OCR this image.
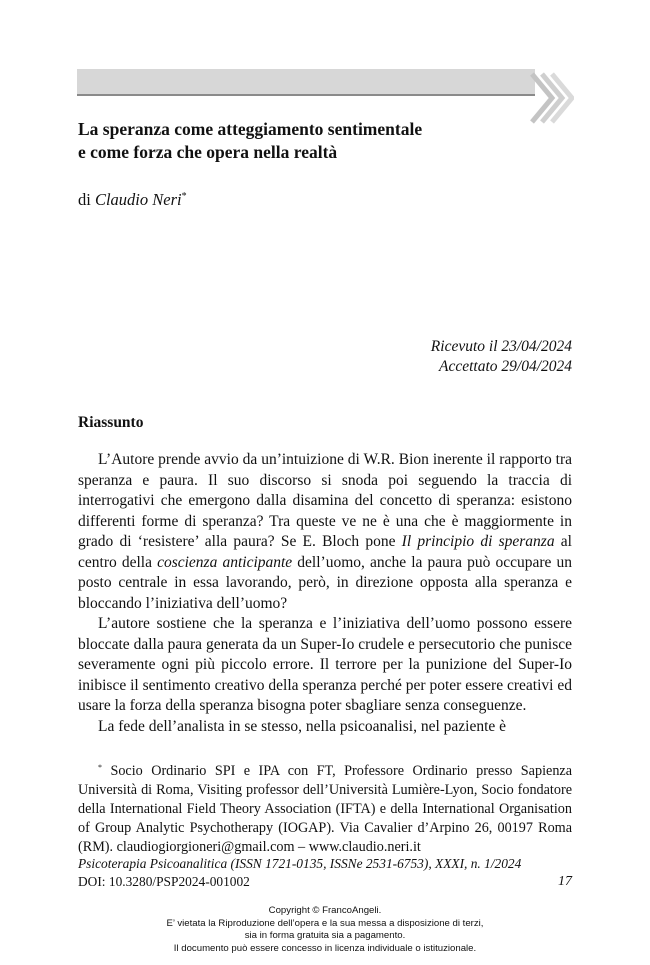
La speranza come atteggiamento sentimentale
e come forza che opera nella realtà
di Claudio Neri*
Ricevuto il 23/04/2024
Accettato 29/04/2024
Riassunto

L’Autore prende avvio da un’intuizione di W.R. Bion inerente il rapporto tra speranza e paura. Il suo discorso si snoda poi seguendo la traccia di interrogativi che emergono dalla disamina del concetto di speranza: esistono differenti forme di speranza? Tra queste ve ne è una che è maggiormente in grado di ‘resistere’ alla paura? Se E. Bloch pone Il principio di speranza al centro della coscienza anticipante dell’uomo, anche la paura può occupare un posto centrale in essa lavorando, però, in direzione opposta alla speranza e bloccando l’iniziativa dell’uomo?

L’autore sostiene che la speranza e l’iniziativa dell’uomo possono essere bloccate dalla paura generata da un Super-Io crudele e persecutorio che punisce severamente ogni più piccolo errore. Il terrore per la punizione del Super-Io inibisce il sentimento creativo della speranza perché per poter essere creativi ed usare la forza della speranza bisogna poter sbagliare senza conseguenze.

La fede dell’analista in se stesso, nella psicoanalisi, nel paziente è

* Socio Ordinario SPI e IPA con FT, Professore Ordinario presso Sapienza Università di Roma, Visiting professor dell’Università Lumière-Lyon, Socio fondatore della International Field Theory Association (IFTA) e della International Organisation of Group Analytic Psychotherapy (IOGAP). Via Cavalier d’Arpino 26, 00197 Roma (RM). claudiogiorgioneri@gmail.com – www.claudio.neri.it

Psicoterapia Psicoanalitica (ISSN 1721-0135, ISSNe 2531-6753), XXXI, n. 1/2024
DOI: 10.3280/PSP2024-001002	17
Copyright © FrancoAngeli.
E’ vietata la Riproduzione dell’opera e la sua messa a disposizione di terzi,
sia in forma gratuita sia a pagamento.
Il documento può essere concesso in licenza individuale o istituzionale.
